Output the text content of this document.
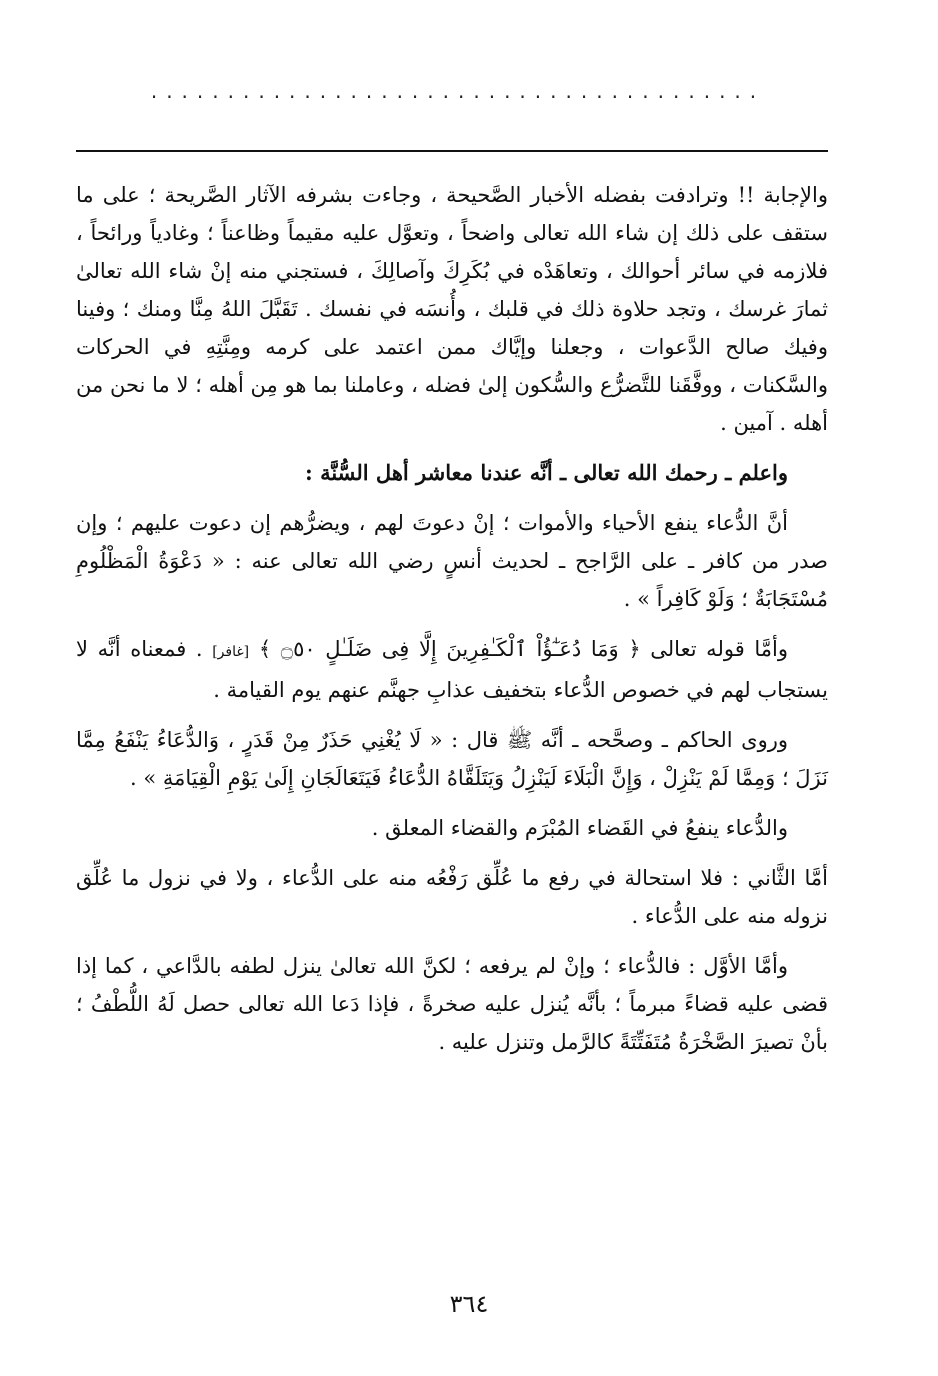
........................................

والإجابة !! وترادفت بفضله الأخبار الصَّحيحة ، وجاءت بشرفه الآثار الصَّريحة ؛ على ما ستقف على ذلك إن شاء الله تعالى واضحاً ، وتعوَّل عليه مقيماً وظاعناً ؛ وغادياً ورائحاً ، فلازمه في سائر أحوالك ، وتعاهَدْه في بُكَرِكَ وآصالِكَ ، فستجني منه إنْ شاء الله تعالىٰ ثمارَ غرسك ، وتجد حلاوة ذلك في قلبك ، وأُنسَه في نفسك . تَقَبَّلَ اللهُ مِنَّا ومنك ؛ وفينا وفيك صالح الدَّعوات ، وجعلنا وإيَّاك ممن اعتمد على كرمه ومِنَّتِهِ في الحركات والسَّكنات ، ووفَّقَنا للتَّضرُّع والسُّكون إلىٰ فضله ، وعاملنا بما هو مِن أهله ؛ لا ما نحن من أهله . آمين .

واعلم ـ رحمك الله تعالى ـ أنَّه عندنا معاشر أهل السُّنَّة :

أنَّ الدُّعاء ينفع الأحياء والأموات ؛ إنْ دعوتَ لهم ، ويضرُّهم إن دعوت عليهم ؛ وإن صدر من كافر ـ على الرَّاجح ـ لحديث أنسٍ رضي الله تعالى عنه : « دَعْوَةُ الْمَظْلُومِ مُسْتَجَابَةٌ ؛ وَلَوْ كَافِراً » .

وأمَّا قوله تعالى ﴿ وَمَا دُعَـٰٓؤُاْ ٱلْكَـٰفِرِينَ إِلَّا فِى ضَلَـٰلٍ ۝٥٠ ﴾ [غافر] . فمعناه أنَّه لا يستجاب لهم في خصوص الدُّعاء بتخفيف عذابِ جهنَّم عنهم يوم القيامة .

وروى الحاكم ـ وصحَّحه ـ أنَّه ﷺ قال : « لَا يُغْنِي حَذَرٌ مِنْ قَدَرٍ ، وَالدُّعَاءُ يَنْفَعُ مِمَّا نَزَلَ ؛ وَمِمَّا لَمْ يَنْزِلْ ، وَإِنَّ الْبَلَاءَ لَيَنْزِلُ وَيَتَلَقَّاهُ الدُّعَاءُ فَيَتَعَالَجَانِ إِلَىٰ يَوْمِ الْقِيَامَةِ » .

والدُّعاء ينفعُ في القَضاء المُبْرَم والقضاء المعلق .

أمَّا الثَّاني : فلا استحالة في رفع ما عُلِّق رَفْعُه منه على الدُّعاء ، ولا في نزول ما عُلِّق نزوله منه على الدُّعاء .

وأمَّا الأوَّل : فالدُّعاء ؛ وإنْ لم يرفعه ؛ لكنَّ الله تعالىٰ ينزل لطفه بالدَّاعي ، كما إذا قضى عليه قضاءً مبرماً ؛ بأنَّه يُنزل عليه صخرةً ، فإذا دَعا الله تعالى حصل لَهُ اللُّطْفُ ؛ بأنْ تصيرَ الصَّخْرَةُ مُتَفَتِّتَةً كالرَّمل وتنزل عليه .

٣٦٤
